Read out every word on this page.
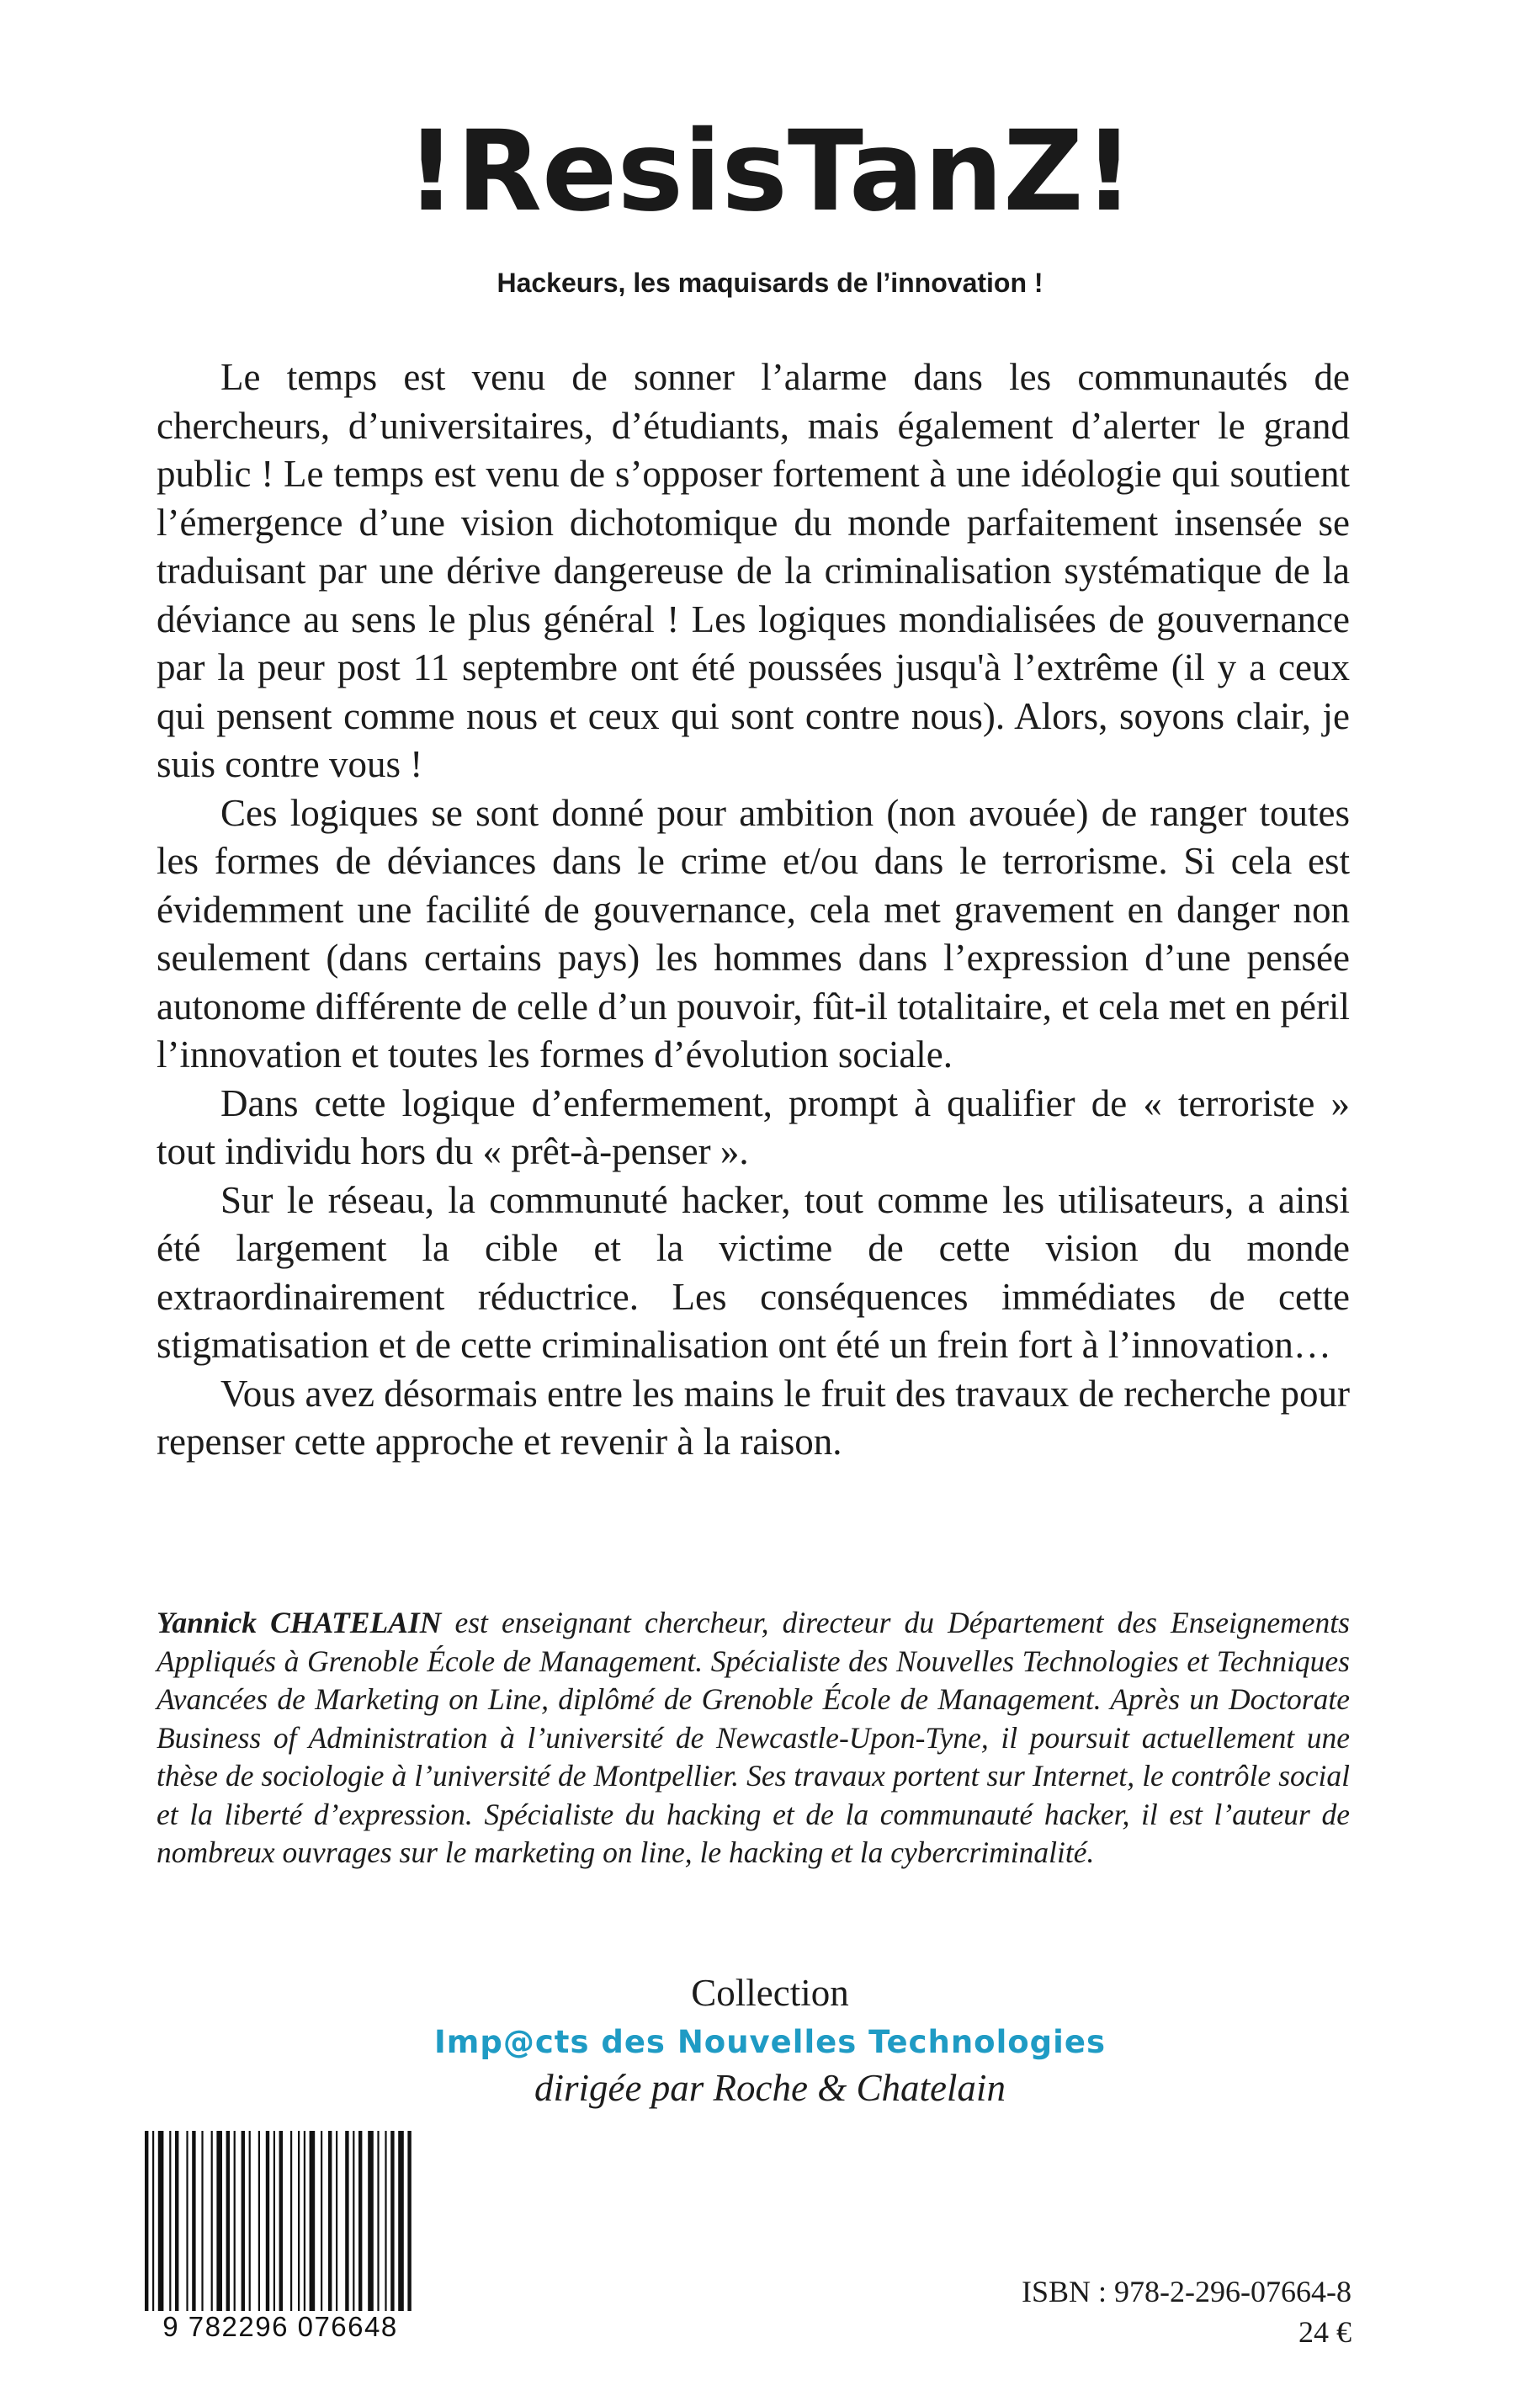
!ResisTanZ!
Hackeurs, les maquisards de l’innovation !

Le temps est venu de sonner l’alarme dans les communautés de chercheurs, d’universitaires, d’étudiants, mais également d’alerter le grand public ! Le temps est venu de s’opposer fortement à une idéologie qui soutient l’émergence d’une vision dichotomique du monde parfaitement insensée se traduisant par une dérive dangereuse de la criminalisation systématique de la déviance au sens le plus général ! Les logiques mondialisées de gouvernance par la peur post 11 septembre ont été poussées jusqu'à l’extrême (il y a ceux qui pensent comme nous et ceux qui sont contre nous). Alors, soyons clair, je suis contre vous !

Ces logiques se sont donné pour ambition (non avouée) de ranger toutes les formes de déviances dans le crime et/ou dans le terrorisme. Si cela est évidemment une facilité de gouvernance, cela met gravement en danger non seulement (dans certains pays) les hommes dans l’expression d’une pensée autonome différente de celle d’un pouvoir, fût-il totalitaire, et cela met en péril l’innovation et toutes les formes d’évolution sociale.

Dans cette logique d’enfermement, prompt à qualifier de « terroriste » tout individu hors du « prêt-à-penser ».

Sur le réseau, la communuté hacker, tout comme les utilisateurs, a ainsi été largement la cible et la victime de cette vision du monde extraordinairement réductrice. Les conséquences immédiates de cette stigmatisation et de cette criminalisation ont été un frein fort à l’innovation…

Vous avez désormais entre les mains le fruit des travaux de recherche pour repenser cette approche et revenir à la raison.

Yannick CHATELAIN est enseignant chercheur, directeur du Département des Enseignements Appliqués à Grenoble École de Management. Spécialiste des Nouvelles Technologies et Techniques Avancées de Marketing on Line, diplômé de Grenoble École de Management. Après un Doctorate Business of Administration à l’université de Newcastle-Upon-Tyne, il poursuit actuellement une thèse de sociologie à l’université de Montpellier. Ses travaux portent sur Internet, le contrôle social et la liberté d’expression. Spécialiste du hacking et de la communauté hacker, il est l’auteur de nombreux ouvrages sur le marketing on line, le hacking et la cybercriminalité.
Collection
Imp@cts des Nouvelles Technologies
dirigée par Roche & Chatelain
9 782296 076648
ISBN : 978-2-296-07664-8
24 €
